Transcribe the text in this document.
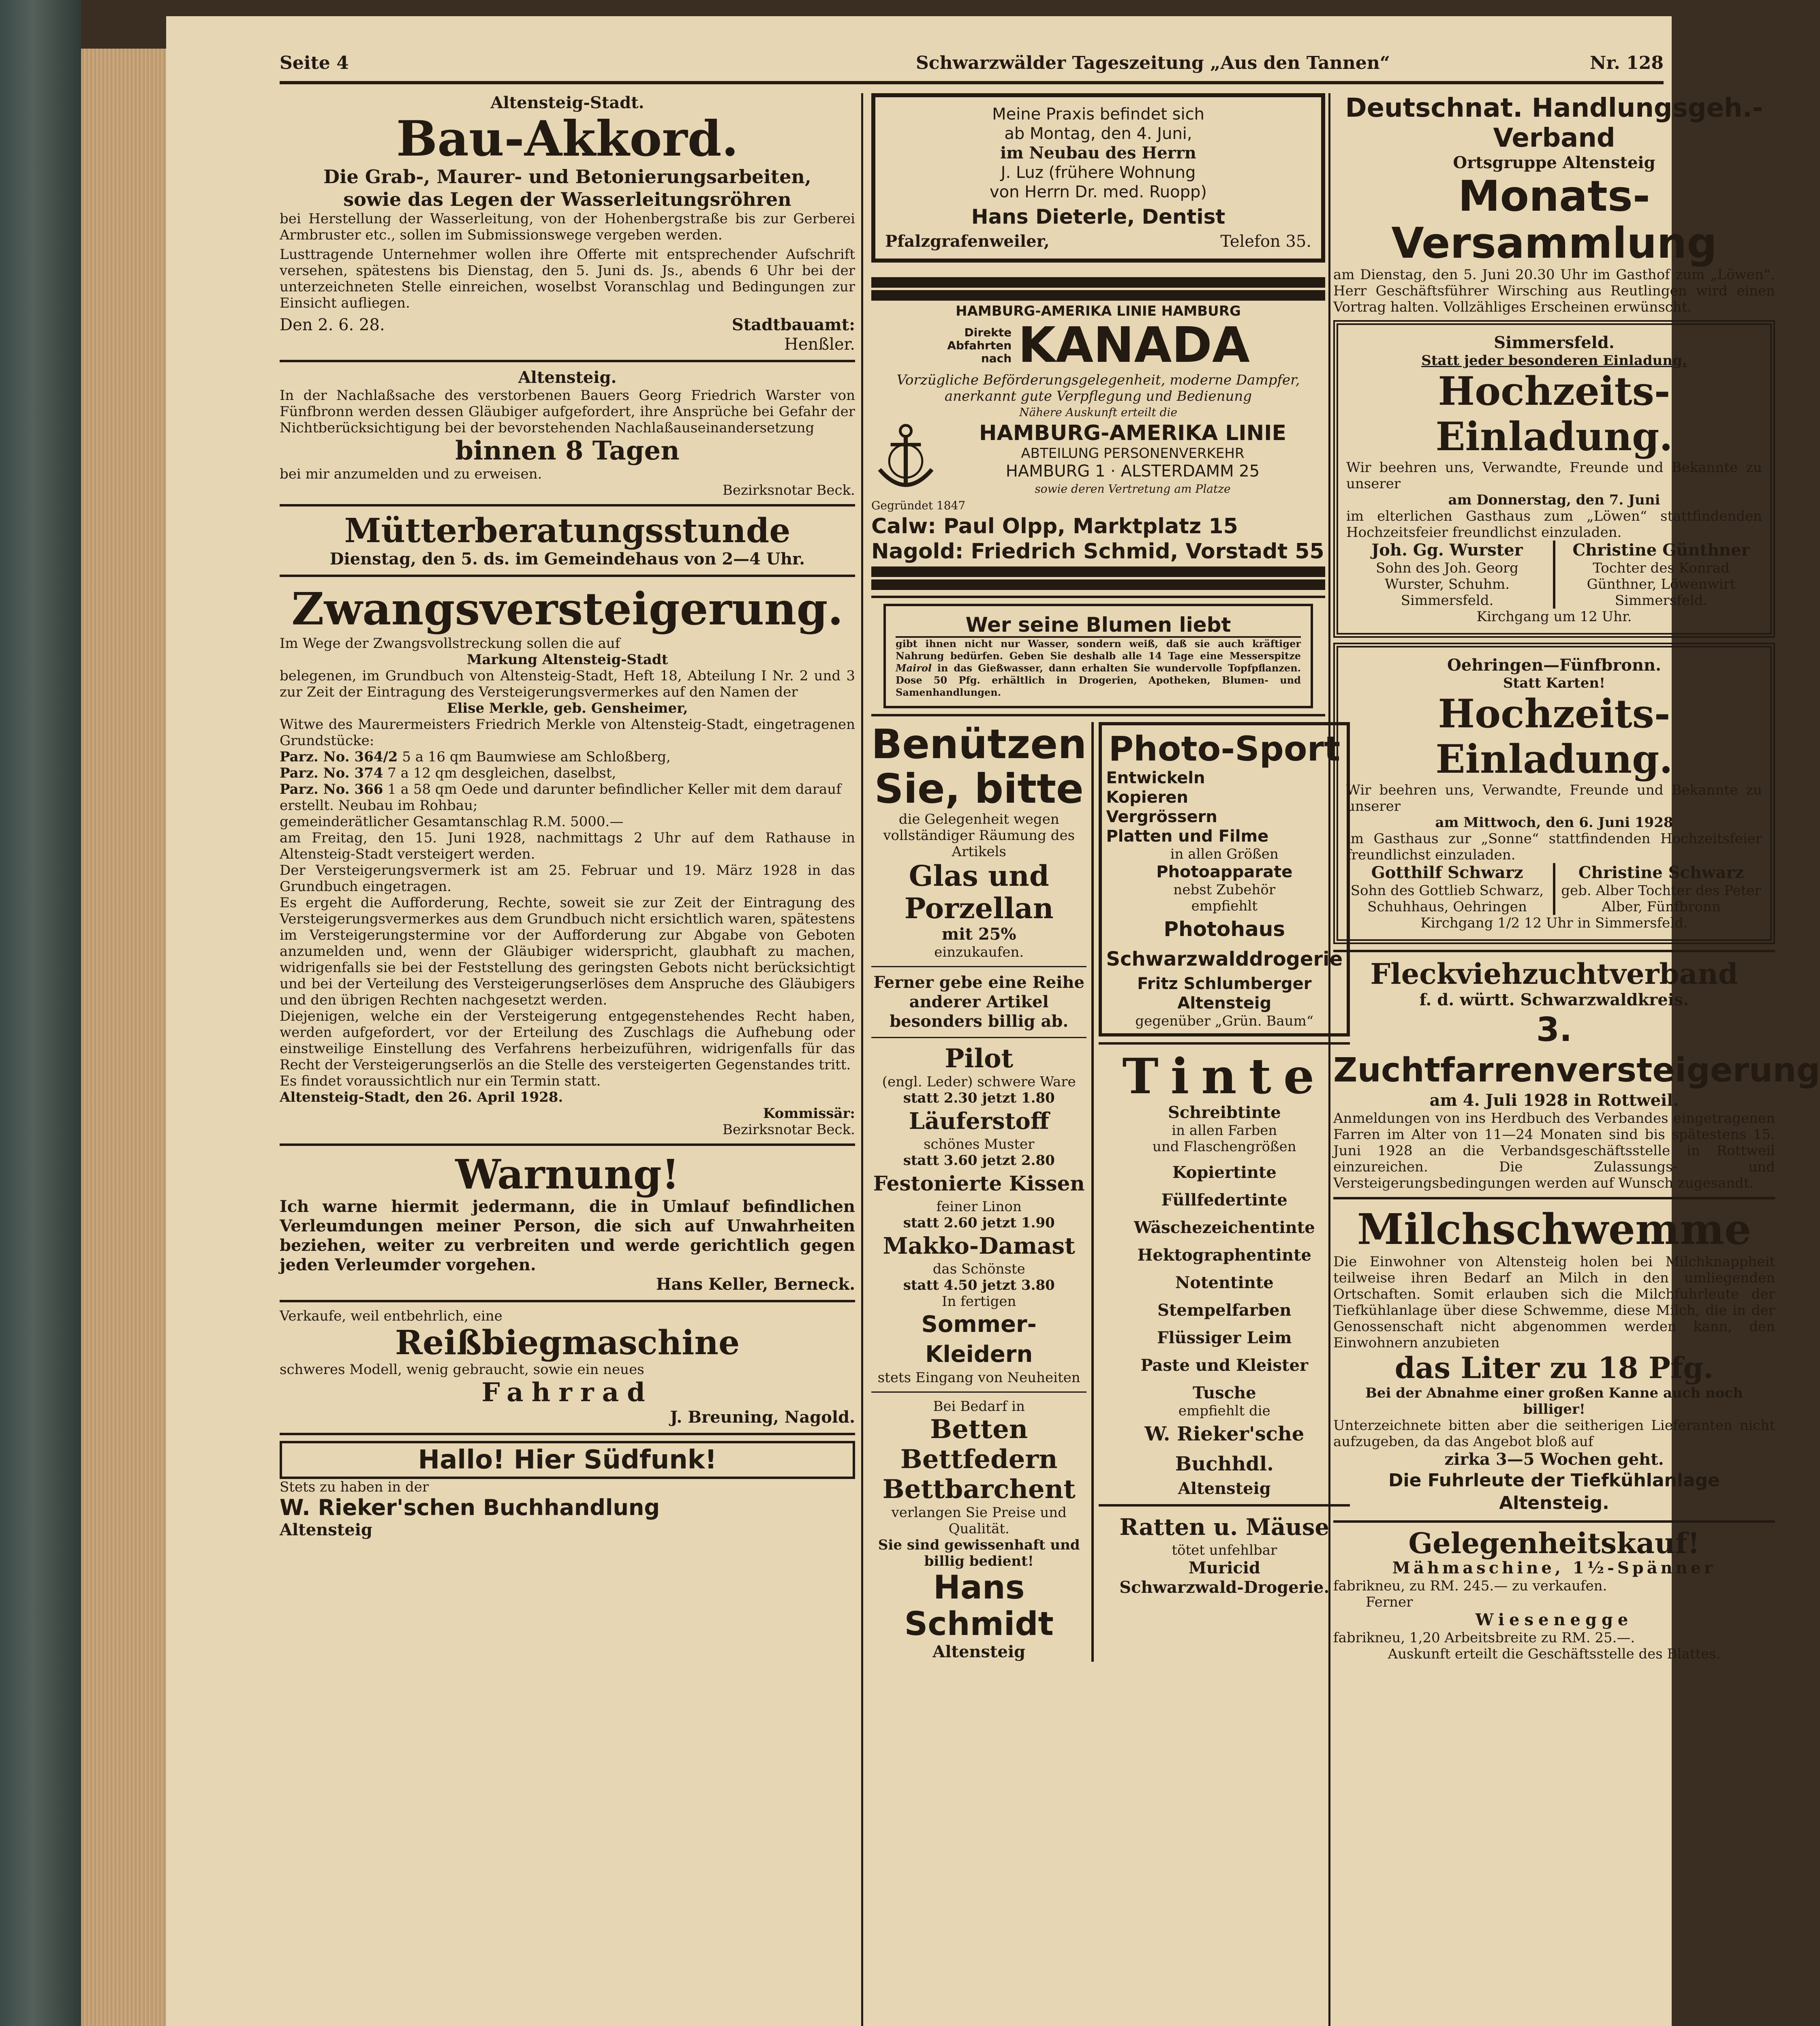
Seite 4	Schwarzwälder Tageszeitung „Aus den Tannen“	Nr. 128
Altensteig-Stadt.
Bau-Akkord.
Die Grab-, Maurer- und Betonierungsarbeiten,
sowie das Legen der Wasserleitungsröhren
bei Herstellung der Wasserleitung, von der Hohenbergstraße bis zur Gerberei Armbruster etc., sollen im Submissionswege vergeben werden.
Lusttragende Unternehmer wollen ihre Offerte mit entsprechender Aufschrift versehen, spätestens bis Dienstag, den 5. Juni ds. Js., abends 6 Uhr bei der unterzeichneten Stelle einreichen, woselbst Voranschlag und Bedingungen zur Einsicht aufliegen.
Den 2. 6. 28.	Stadtbauamt:
Henßler.
Altensteig.
In der Nachlaßsache des verstorbenen Bauers Georg Friedrich Warster von Fünfbronn werden dessen Gläubiger aufgefordert, ihre Ansprüche bei Gefahr der Nichtberücksichtigung bei der bevorstehenden Nachlaßauseinandersetzung
binnen 8 Tagen
bei mir anzumelden und zu erweisen.
Bezirksnotar Beck.
Mütterberatungsstunde
Dienstag, den 5. ds. im Gemeindehaus von 2—4 Uhr.
Zwangsversteigerung.
Im Wege der Zwangsvollstreckung sollen die auf
Markung Altensteig-Stadt
belegenen, im Grundbuch von Altensteig-Stadt, Heft 18, Abteilung I Nr. 2 und 3 zur Zeit der Eintragung des Versteigerungsvermerkes auf den Namen der
Elise Merkle, geb. Gensheimer,
Witwe des Maurermeisters Friedrich Merkle von Altensteig-Stadt, eingetragenen Grundstücke:
Parz. No. 364/2 5 a 16 qm Baumwiese am Schloßberg,
Parz. No. 374 7 a 12 qm desgleichen, daselbst,
Parz. No. 366 1 a 58 qm Oede und darunter befindlicher Keller mit dem darauf erstellt. Neubau im Rohbau;
gemeinderätlicher Gesamtanschlag R.M. 5000.—
am Freitag, den 15. Juni 1928, nachmittags 2 Uhr auf dem Rathause in Altensteig-Stadt versteigert werden.
Der Versteigerungsvermerk ist am 25. Februar und 19. März 1928 in das Grundbuch eingetragen.
Es ergeht die Aufforderung, Rechte, soweit sie zur Zeit der Eintragung des Versteigerungsvermerkes aus dem Grundbuch nicht ersichtlich waren, spätestens im Versteigerungstermine vor der Aufforderung zur Abgabe von Geboten anzumelden und, wenn der Gläubiger widerspricht, glaubhaft zu machen, widrigenfalls sie bei der Feststellung des geringsten Gebots nicht berücksichtigt und bei der Verteilung des Versteigerungserlöses dem Anspruche des Gläubigers und den übrigen Rechten nachgesetzt werden.
Diejenigen, welche ein der Versteigerung entgegenstehendes Recht haben, werden aufgefordert, vor der Erteilung des Zuschlags die Aufhebung oder einstweilige Einstellung des Verfahrens herbeizuführen, widrigenfalls für das Recht der Versteigerungserlös an die Stelle des versteigerten Gegenstandes tritt.
Es findet voraussichtlich nur ein Termin statt.
Altensteig-Stadt, den 26. April 1928.
Kommissär:
Bezirksnotar Beck.
Warnung!
Ich warne hiermit jedermann, die in Umlauf befindlichen Verleumdungen meiner Person, die sich auf Unwahrheiten beziehen, weiter zu verbreiten und werde gerichtlich gegen jeden Verleumder vorgehen.
Hans Keller, Berneck.
Verkaufe, weil entbehrlich, eine
Reißbiegmaschine
schweres Modell, wenig gebraucht, sowie ein neues
Fahrrad
J. Breuning, Nagold.
Hallo! Hier Südfunk!
Stets zu haben in der
W. Rieker'schen Buchhandlung
Altensteig
Meine Praxis befindet sich
ab Montag, den 4. Juni,
im Neubau des Herrn
J. Luz (frühere Wohnung
von Herrn Dr. med. Ruopp)
Hans Dieterle, Dentist
Pfalzgrafenweiler,	Telefon 35.
HAMBURG-AMERIKA LINIE HAMBURG
Direkte Abfahrten nach KANADA
Vorzügliche Beförderungsgelegenheit, moderne Dampfer, anerkannt gute Verpflegung und Bedienung
Nähere Auskunft erteilt die
HAMBURG-AMERIKA LINIE
ABTEILUNG PERSONENVERKEHR
HAMBURG 1 · ALSTERDAMM 25
sowie deren Vertretung am Platze
Gegründet 1847
Calw: Paul Olpp, Marktplatz 15
Nagold: Friedrich Schmid, Vorstadt 55
Wer seine Blumen liebt
gibt ihnen nicht nur Wasser, sondern weiß, daß sie auch kräftiger Nahrung bedürfen. Geben Sie deshalb alle 14 Tage eine Messerspitze Mairol in das Gießwasser, dann erhalten Sie wundervolle Topfpflanzen. Dose 50 Pfg. erhältlich in Drogerien, Apotheken, Blumen- und Samenhandlungen.
Benützen
Sie, bitte
die Gelegenheit wegen vollständiger Räumung des Artikels
Glas und Porzellan
mit 25%
einzukaufen.
Ferner gebe eine Reihe anderer Artikel besonders billig ab.
Pilot
(engl. Leder) schwere Ware
statt 2.30 jetzt 1.80
Läuferstoff
schönes Muster
statt 3.60 jetzt 2.80
Festonierte Kissen
feiner Linon
statt 2.60 jetzt 1.90
Makko-Damast
das Schönste
statt 4.50 jetzt 3.80
In fertigen
Sommer-Kleidern
stets Eingang von Neuheiten
Bei Bedarf in
Betten
Bettfedern
Bettbarchent
verlangen Sie Preise und Qualität.
Sie sind gewissenhaft und billig bedient!
Hans Schmidt
Altensteig
Photo-Sport
Entwickeln
Kopieren
Vergrössern
Platten und Filme
in allen Größen
Photoapparate
nebst Zubehör
empfiehlt
Photohaus
Schwarzwalddrogerie
Fritz Schlumberger
Altensteig
gegenüber „Grün. Baum“
Tinte
Schreibtinte
in allen Farben
und Flaschengrößen
Kopiertinte
Füllfedertinte
Wäschezeichentinte
Hektographentinte
Notentinte
Stempelfarben
Flüssiger Leim
Paste und Kleister
Tusche
empfiehlt die
W. Rieker'sche Buchhdl.
Altensteig
Ratten u. Mäuse
tötet unfehlbar
Muricid
Schwarzwald-Drogerie.
Deutschnat. Handlungsgeh.-Verband
Ortsgruppe Altensteig
Monats-Versammlung
am Dienstag, den 5. Juni 20.30 Uhr im Gasthof zum „Löwen“. Herr Geschäftsführer Wirsching aus Reutlingen wird einen Vortrag halten. Vollzähliges Erscheinen erwünscht.
Simmersfeld.
Statt jeder besonderen Einladung.
Hochzeits-Einladung.
Wir beehren uns, Verwandte, Freunde und Bekannte zu unserer
am Donnerstag, den 7. Juni
im elterlichen Gasthaus zum „Löwen“ stattfindenden Hochzeitsfeier freundlichst einzuladen.
Joh. Gg. Wurster
Sohn des Joh. Georg Wurster, Schuhm. Simmersfeld.
Christine Günthner
Tochter des Konrad Günthner, Löwenwirt Simmersfeld.
Kirchgang um 12 Uhr.
Oehringen—Fünfbronn.
Statt Karten!
Hochzeits-Einladung.
Wir beehren uns, Verwandte, Freunde und Bekannte zu unserer
am Mittwoch, den 6. Juni 1928
im Gasthaus zur „Sonne“ stattfindenden Hochzeitsfeier freundlichst einzuladen.
Gotthilf Schwarz
Sohn des Gottlieb Schwarz, Schuhhaus, Oehringen
Christine Schwarz
geb. Alber Tochter des Peter Alber, Fünfbronn
Kirchgang 1/2 12 Uhr in Simmersfeld.
Fleckviehzuchtverband
f. d. württ. Schwarzwaldkreis.
3. Zuchtfarrenversteigerung
am 4. Juli 1928 in Rottweil.
Anmeldungen von ins Herdbuch des Verbandes eingetragenen Farren im Alter von 11—24 Monaten sind bis spätestens 15. Juni 1928 an die Verbandsgeschäftsstelle in Rottweil einzureichen. Die Zulassungs- und Versteigerungsbedingungen werden auf Wunsch zugesandt.
Milchschwemme
Die Einwohner von Altensteig holen bei Milchknappheit teilweise ihren Bedarf an Milch in den umliegenden Ortschaften. Somit erlauben sich die Milchfuhrleute der Tiefkühlanlage über diese Schwemme, diese Milch, die in der Genossenschaft nicht abgenommen werden kann, den Einwohnern anzubieten
das Liter zu 18 Pfg.
Bei der Abnahme einer großen Kanne auch noch billiger!
Unterzeichnete bitten aber die seitherigen Lieferanten nicht aufzugeben, da das Angebot bloß auf
zirka 3—5 Wochen geht.
Die Fuhrleute der Tiefkühlanlage Altensteig.
Gelegenheitskauf!
Mähmaschine, 1½-Spänner
fabrikneu, zu RM. 245.— zu verkaufen.
Ferner
Wiesenegge
fabrikneu, 1,20 Arbeitsbreite zu RM. 25.—.
Auskunft erteilt die Geschäftsstelle des Blattes.
